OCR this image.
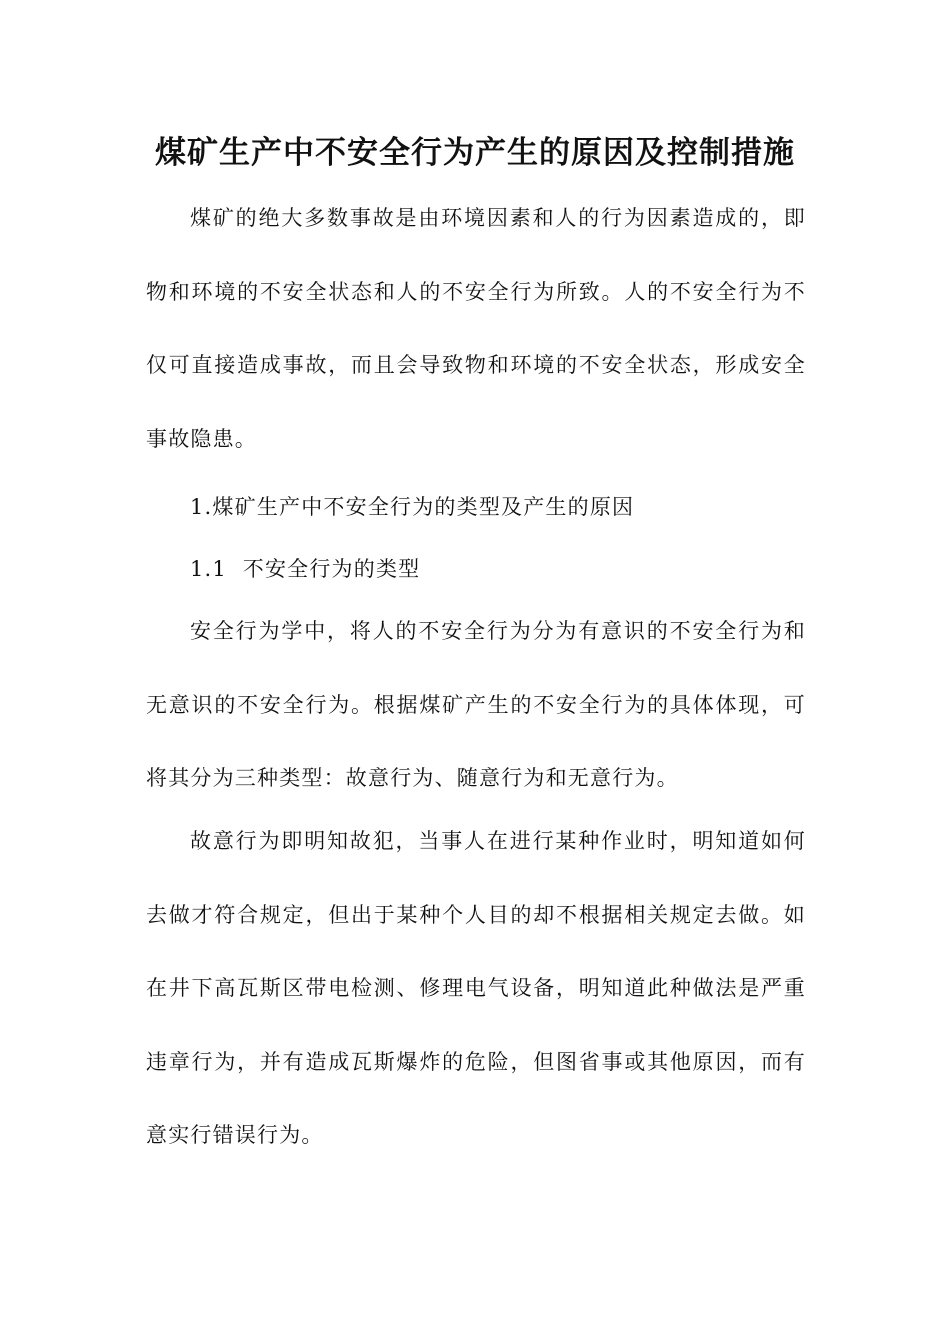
煤矿生产中不安全行为产生的原因及控制措施

煤矿的绝大多数事故是由环境因素和人的行为因素造成的，即物和环境的不安全状态和人的不安全行为所致。人的不安全行为不仅可直接造成事故，而且会导致物和环境的不安全状态，形成安全事故隐患。

1.煤矿生产中不安全行为的类型及产生的原因

1.1  不安全行为的类型

安全行为学中，将人的不安全行为分为有意识的不安全行为和无意识的不安全行为。根据煤矿产生的不安全行为的具体体现，可将其分为三种类型：故意行为、随意行为和无意行为。

故意行为即明知故犯，当事人在进行某种作业时，明知道如何去做才符合规定，但出于某种个人目的却不根据相关规定去做。如在井下高瓦斯区带电检测、修理电气设备，明知道此种做法是严重违章行为，并有造成瓦斯爆炸的危险，但图省事或其他原因，而有意实行错误行为。
